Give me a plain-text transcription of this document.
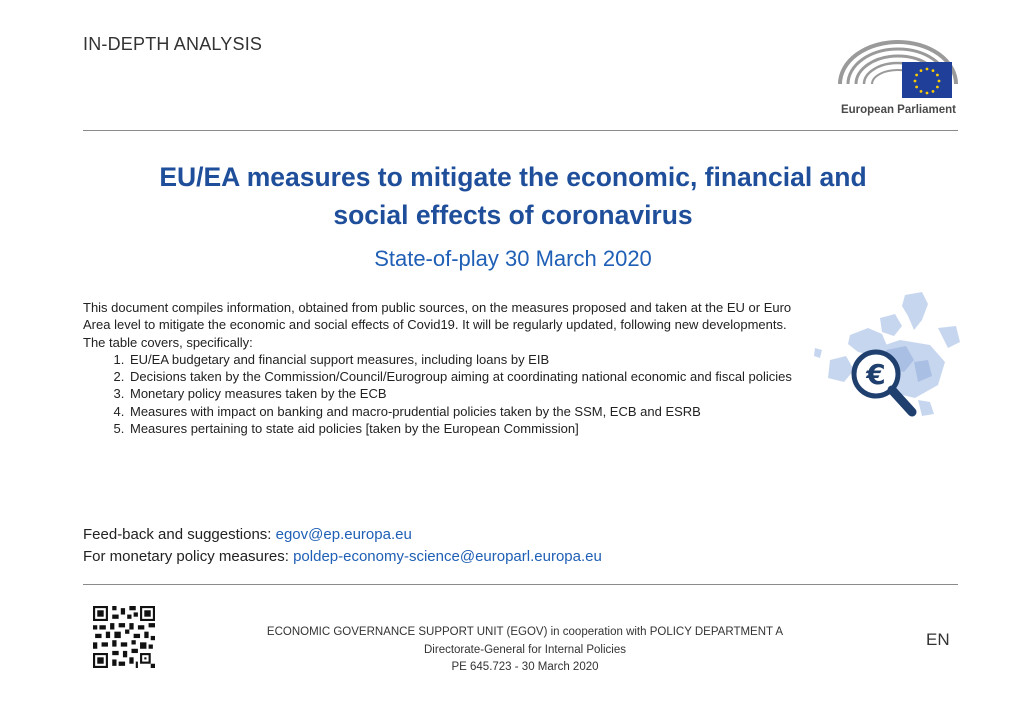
IN-DEPTH ANALYSIS
European Parliament
EU/EA measures to mitigate the economic, financial and
social effects of coronavirus
State-of-play 30 March 2020

This document compiles information, obtained from public sources, on the measures proposed and taken at the EU or Euro Area level to mitigate the economic and social effects of Covid19. It will be regularly updated, following new developments.

The table covers, specifically:

1. EU/EA budgetary and financial support measures, including loans by EIB
2. Decisions taken by the Commission/Council/Eurogroup aiming at coordinating national economic and fiscal policies
3. Monetary policy measures taken by the ECB
4. Measures with impact on banking and macro-prudential policies taken by the SSM, ECB and ESRB
5. Measures pertaining to state aid policies [taken by the European Commission]
€
Feed-back and suggestions: egov@ep.europa.eu
For monetary policy measures: poldep-economy-science@europarl.europa.eu
ECONOMIC GOVERNANCE SUPPORT UNIT (EGOV) in cooperation with POLICY DEPARTMENT A
Directorate-General for Internal Policies
PE 645.723 - 30 March 2020
EN
